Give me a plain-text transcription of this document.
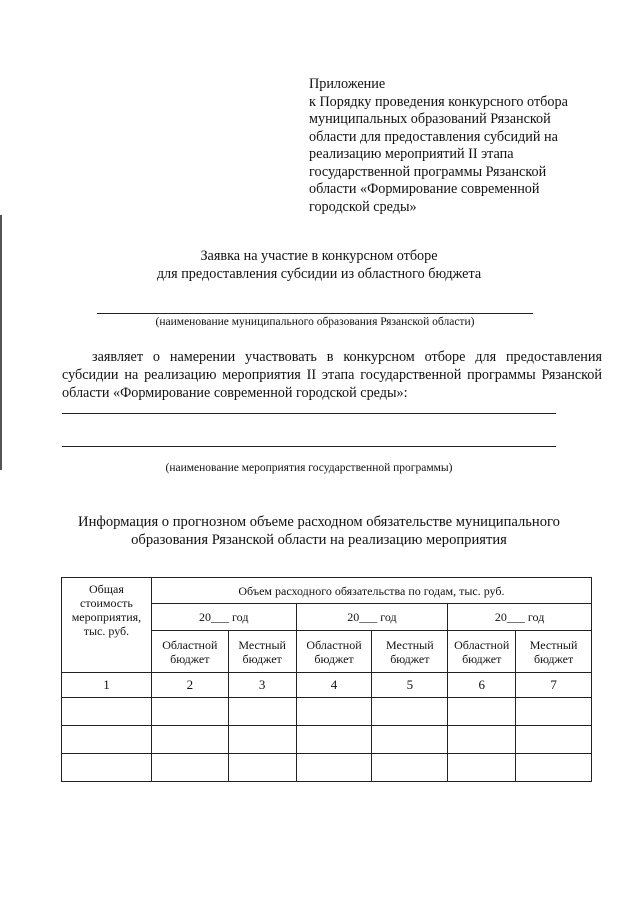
Приложение
к Порядку проведения конкурсного отбора
муниципальных образований Рязанской
области для предоставления субсидий на
реализацию мероприятий II этапа
государственной программы Рязанской
области «Формирование современной
городской среды»
Заявка на участие в конкурсном отборе
для предоставления субсидии из областного бюджета
(наименование муниципального образования Рязанской области)
заявляет о намерении участвовать в конкурсном отборе для предоставления субсидии на реализацию мероприятия II этапа государственной программы Рязанской области «Формирование современной городской среды»:
(наименование мероприятия государственной программы)
Информация о прогнозном объеме расходном обязательстве муниципального
образования Рязанской области на реализацию мероприятия
Общая стоимость мероприятия, тыс. руб.	Объем расходного обязательства по годам, тыс. руб.					
	20___ год		20___ год		20___ год	
	Областной бюджет	Местный бюджет	Областной бюджет	Местный бюджет	Областной бюджет	Местный бюджет
1	2	3	4	5	6	7
